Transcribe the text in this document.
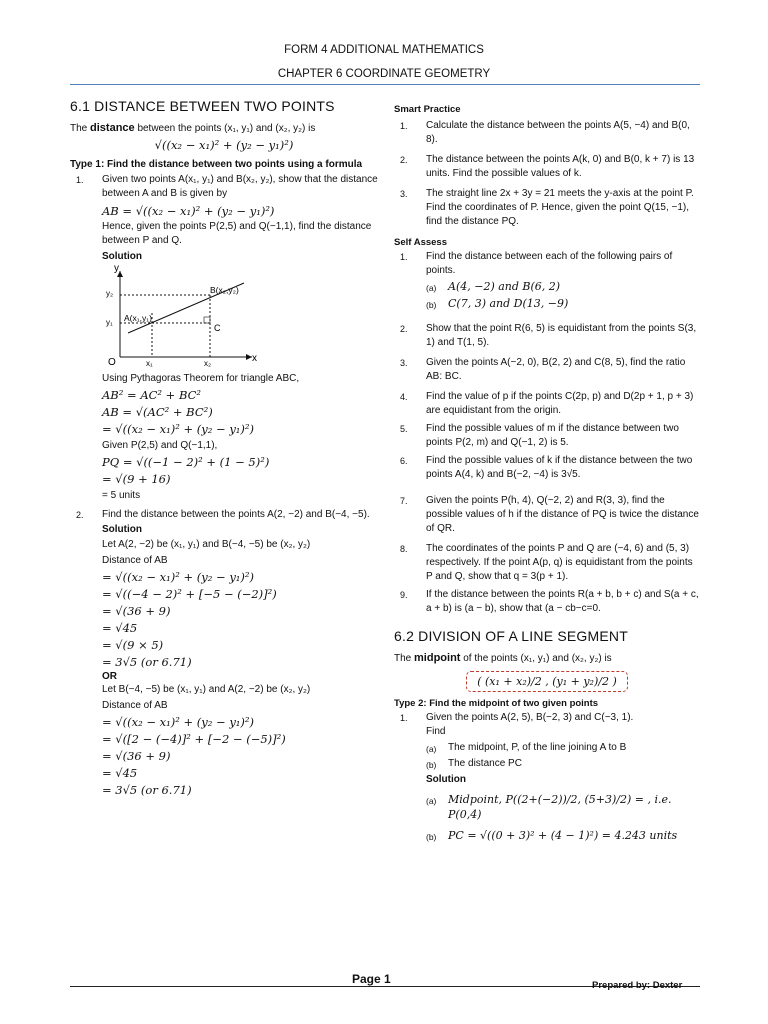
FORM 4 ADDITIONAL MATHEMATICS
CHAPTER 6 COORDINATE GEOMETRY
6.1 DISTANCE BETWEEN TWO POINTS
The distance between the points (x₁, y₁) and (x₂, y₂) is
√((x₂ − x₁)² + (y₂ − y₁)²)
Type 1: Find the distance between two points using a formula
1. Given two points A(x₁, y₁) and B(x₂, y₂), show that the distance between A and B is given by
AB = √((x₂ − x₁)² + (y₂ − y₁)²)
Hence, given the points P(2,5) and Q(−1,1), find the distance between P and Q.
Solution
y
x
O
y₂
y₁
x₁	x₂
A(x₁,y₁)
B(x₂,y₂)
C
Using Pythagoras Theorem for triangle ABC,
AB² = AC² + BC²
AB = √(AC² + BC²)
= √((x₂ − x₁)² + (y₂ − y₁)²)
Given P(2,5) and Q(−1,1),
PQ = √((−1 − 2)² + (1 − 5)²)
= √(9 + 16)
= 5 units
2. Find the distance between the points A(2, −2) and B(−4, −5).
Solution
Let A(2, −2) be (x₁, y₁) and B(−4, −5) be (x₂, y₂)
Distance of AB
= √((x₂ − x₁)² + (y₂ − y₁)²)
= √((−4 − 2)² + [−5 − (−2)]²)
= √(36 + 9)
= √45
= √(9 × 5)
= 3√5 (or 6.71)
OR
Let B(−4, −5) be (x₁, y₁) and A(2, −2) be (x₂, y₂)
Distance of AB
= √((x₂ − x₁)² + (y₂ − y₁)²)
= √([2 − (−4)]² + [−2 − (−5)]²)
= √(36 + 9)
= √45
= 3√5 (or 6.71)
Smart Practice
1. Calculate the distance between the points A(5, −4) and B(0, 8).
2. The distance between the points A(k, 0) and B(0, k + 7) is 13 units. Find the possible values of k.
3. The straight line 2x + 3y = 21 meets the y-axis at the point P. Find the coordinates of P. Hence, given the point Q(15, −1), find the distance PQ.
Self Assess
1. Find the distance between each of the following pairs of points.
(a) A(4, −2) and B(6, 2)
(b) C(7, 3) and D(13, −9)
2. Show that the point R(6, 5) is equidistant from the points S(3, 1) and T(1, 5).
3. Given the points A(−2, 0), B(2, 2) and C(8, 5), find the ratio AB: BC.
4. Find the value of p if the points C(2p, p) and D(2p + 1, p + 3) are equidistant from the origin.
5. Find the possible values of m if the distance between two points P(2, m) and Q(−1, 2) is 5.
6. Find the possible values of k if the distance between the two points A(4, k) and B(−2, −4) is 3√5.
7. Given the points P(h, 4), Q(−2, 2) and R(3, 3), find the possible values of h if the distance of PQ is twice the distance of QR.
8. The coordinates of the points P and Q are (−4, 6) and (5, 3) respectively. If the point A(p, q) is equidistant from the points P and Q, show that q = 3(p + 1).
9. If the distance between the points R(a + b, b + c) and S(a + c, a + b) is (a − b), show that (a − cb−c=0.
6.2 DIVISION OF A LINE SEGMENT
The midpoint of the points (x₁, y₁) and (x₂, y₂) is
( (x₁ + x₂)/2 , (y₁ + y₂)/2 )
Type 2: Find the midpoint of two given points
1. Given the points A(2, 5), B(−2, 3) and C(−3, 1).
Find
(a) The midpoint, P, of the line joining A to B
(b) The distance PC
Solution
(a) Midpoint, P((2+(−2))/2, (5+3)/2) = , i.e. P(0,4)
(b) PC = √((0 + 3)² + (4 − 1)²) = 4.243 units
Page 1	Prepared by: Dexter
